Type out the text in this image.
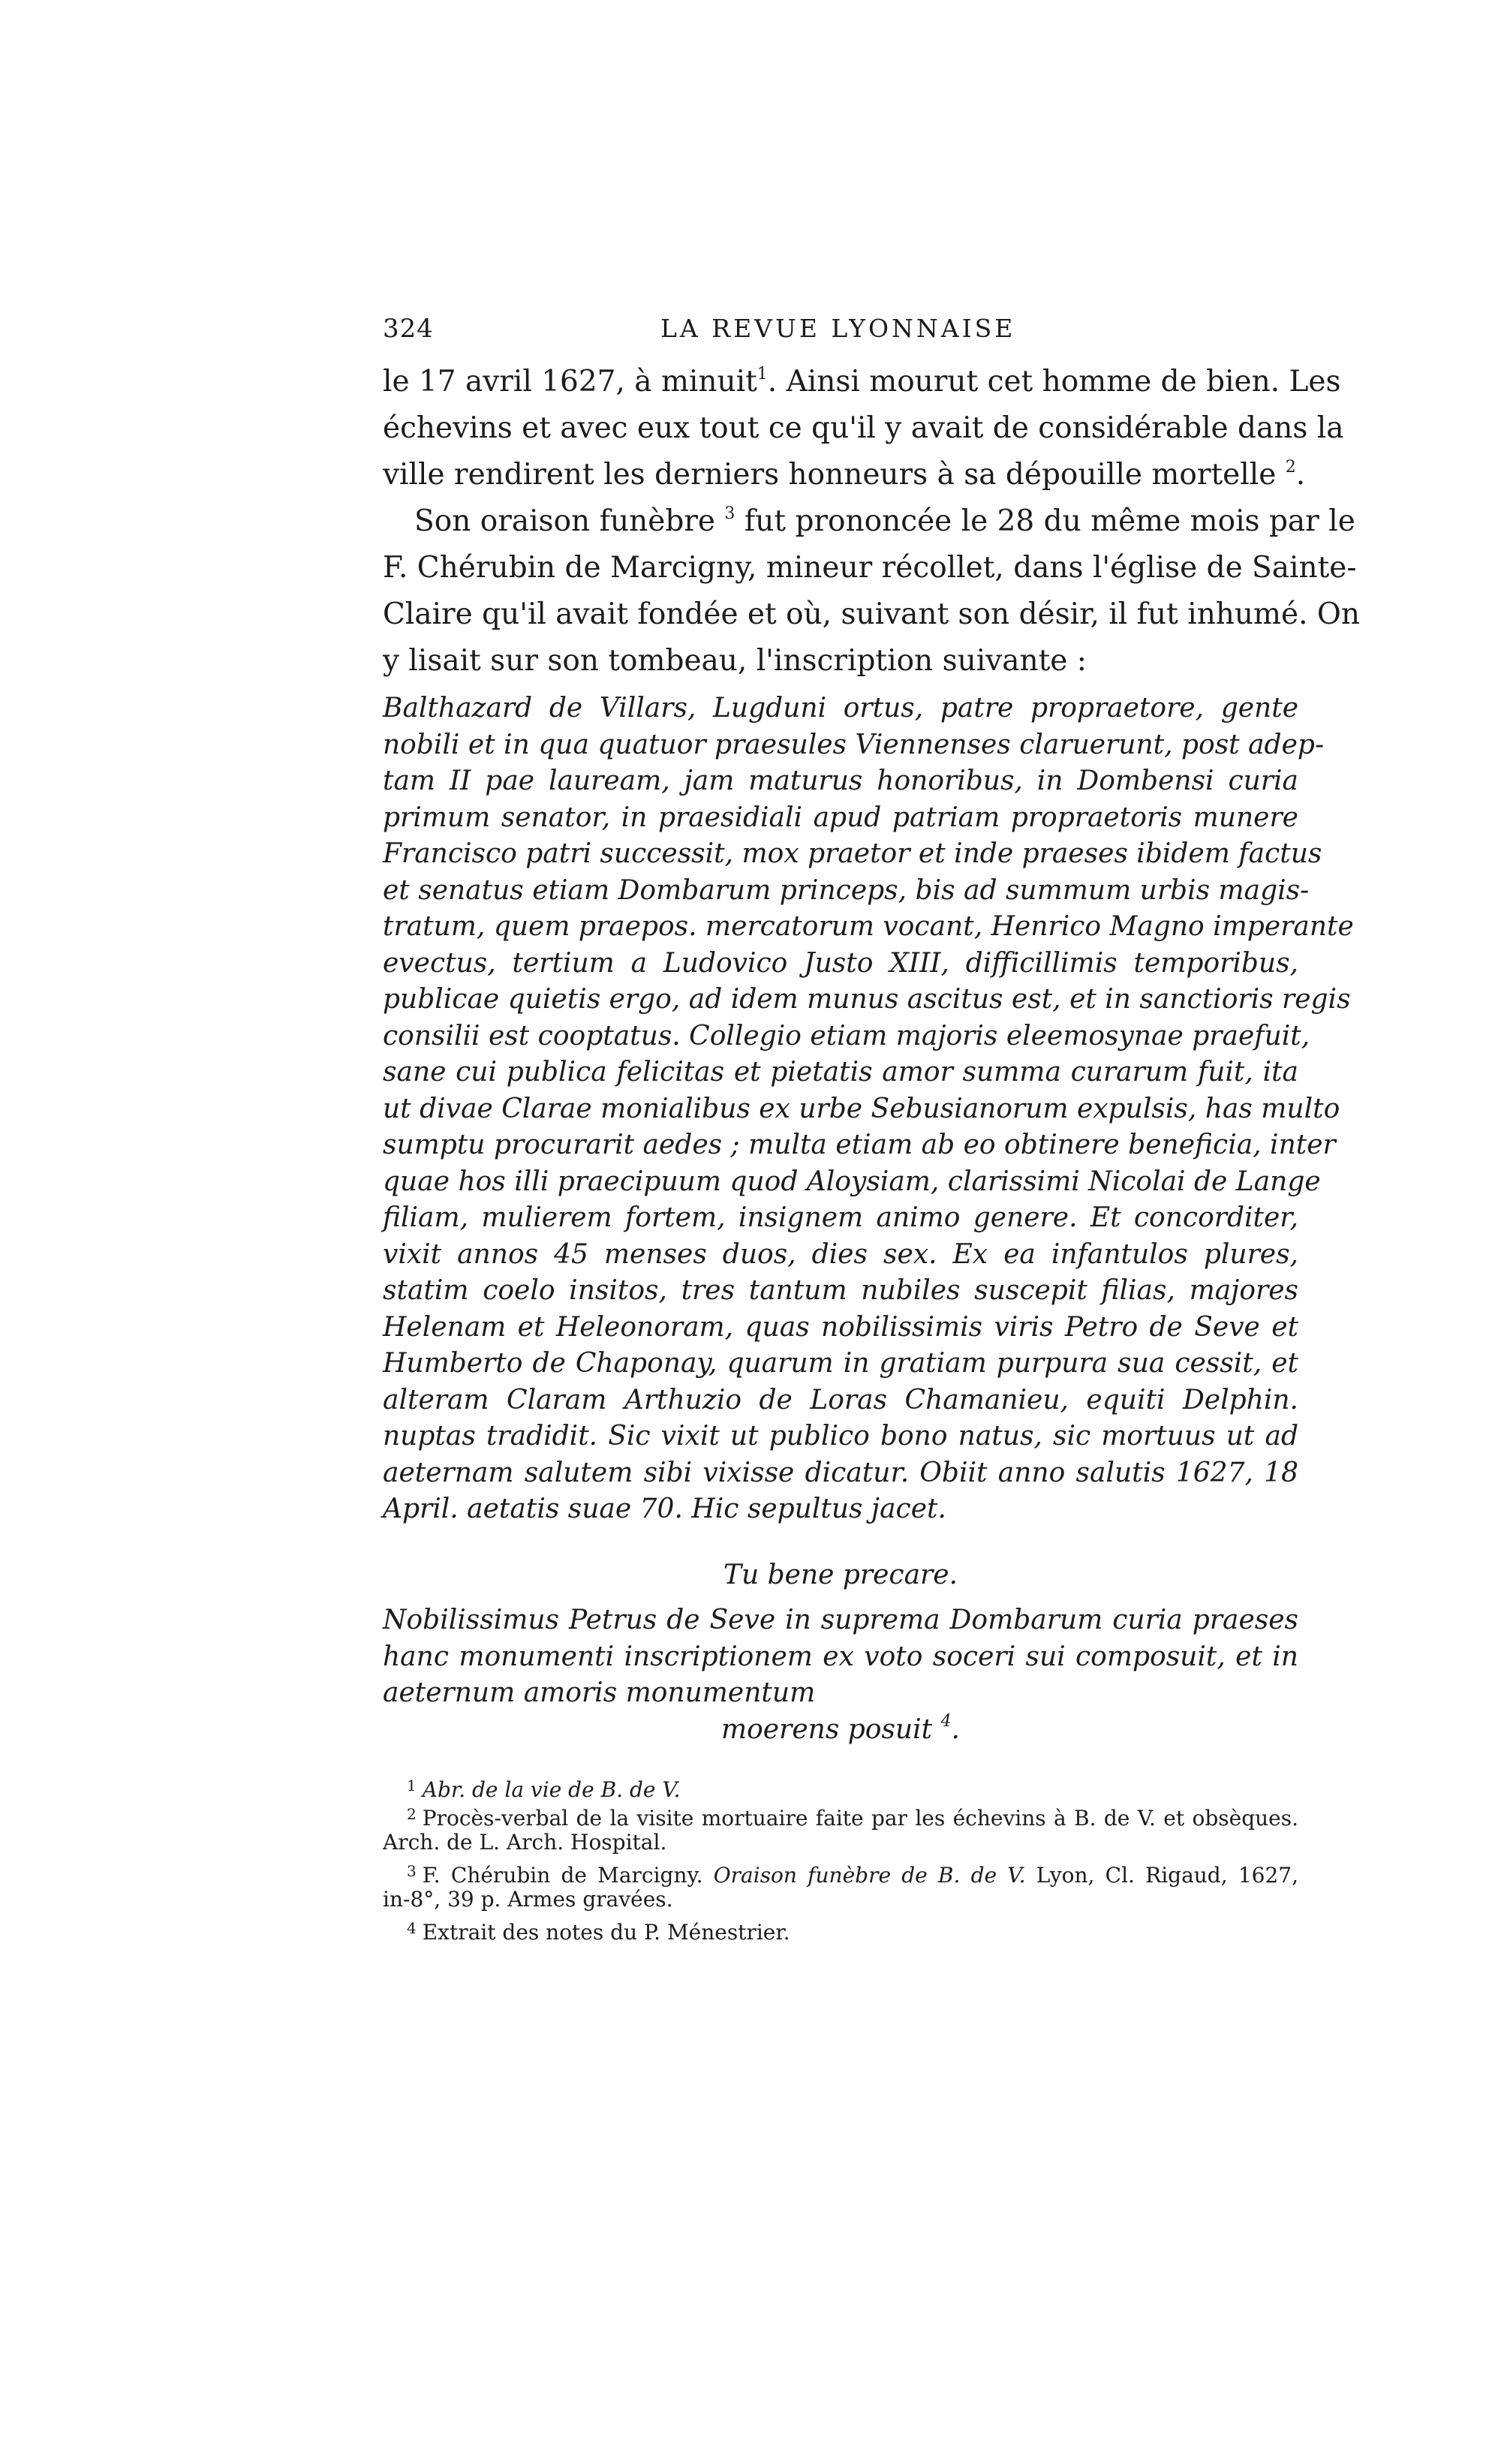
324	LA REVUE LYONNAISE
le 17 avril 1627, à minuit$^1$. Ainsi mourut cet homme de bien. Les
échevins et avec eux tout ce qu'il y avait de considérable dans la
ville rendirent les derniers honneurs à sa dépouille mortelle $^2$.
Son oraison funèbre $^3$ fut prononcée le 28 du même mois par le
F. Chérubin de Marcigny, mineur récollet, dans l'église de Sainte-
Claire qu'il avait fondée et où, suivant son désir, il fut inhumé. On
y lisait sur son tombeau, l'inscription suivante :
Balthazard de Villars, Lugduni ortus, patre propraetore, gente
nobili et in qua quatuor praesules Viennenses claruerunt, post adep-
tam II pae lauream, jam maturus honoribus, in Dombensi curia
primum senator, in praesidiali apud patriam propraetoris munere
Francisco patri successit, mox praetor et inde praeses ibidem factus
et senatus etiam Dombarum princeps, bis ad summum urbis magis-
tratum, quem praepos. mercatorum vocant, Henrico Magno imperante
evectus, tertium a Ludovico Justo XIII, difficillimis temporibus,
publicae quietis ergo, ad idem munus ascitus est, et in sanctioris regis
consilii est cooptatus. Collegio etiam majoris eleemosynae praefuit,
sane cui publica felicitas et pietatis amor summa curarum fuit, ita
ut divae Clarae monialibus ex urbe Sebusianorum expulsis, has multo
sumptu procurarit aedes ; multa etiam ab eo obtinere beneficia, inter
quae hos illi praecipuum quod Aloysiam, clarissimi Nicolai de Lange
filiam, mulierem fortem, insignem animo genere. Et concorditer,
vixit annos 45 menses duos, dies sex. Ex ea infantulos plures,
statim coelo insitos, tres tantum nubiles suscepit filias, majores
Helenam et Heleonoram, quas nobilissimis viris Petro de Seve et
Humberto de Chaponay, quarum in gratiam purpura sua cessit, et
alteram Claram Arthuzio de Loras Chamanieu, equiti Delphin.
nuptas tradidit. Sic vixit ut publico bono natus, sic mortuus ut ad
aeternam salutem sibi vixisse dicatur. Obiit anno salutis 1627, 18
April. aetatis suae 70. Hic sepultus jacet.
Tu bene precare.
Nobilissimus Petrus de Seve in suprema Dombarum curia praeses
hanc monumenti inscriptionem ex voto soceri sui composuit, et in
aeternum amoris monumentum
moerens posuit $^4$.
$^1$ Abr. de la vie de B. de V.
$^2$ Procès-verbal de la visite mortuaire faite par les échevins à B. de V. et obsèques.
Arch. de L. Arch. Hospital.
$^3$ F. Chérubin de Marcigny. Oraison funèbre de B. de V. Lyon, Cl. Rigaud, 1627,
in-8°, 39 p. Armes gravées.
$^4$ Extrait des notes du P. Ménestrier.
